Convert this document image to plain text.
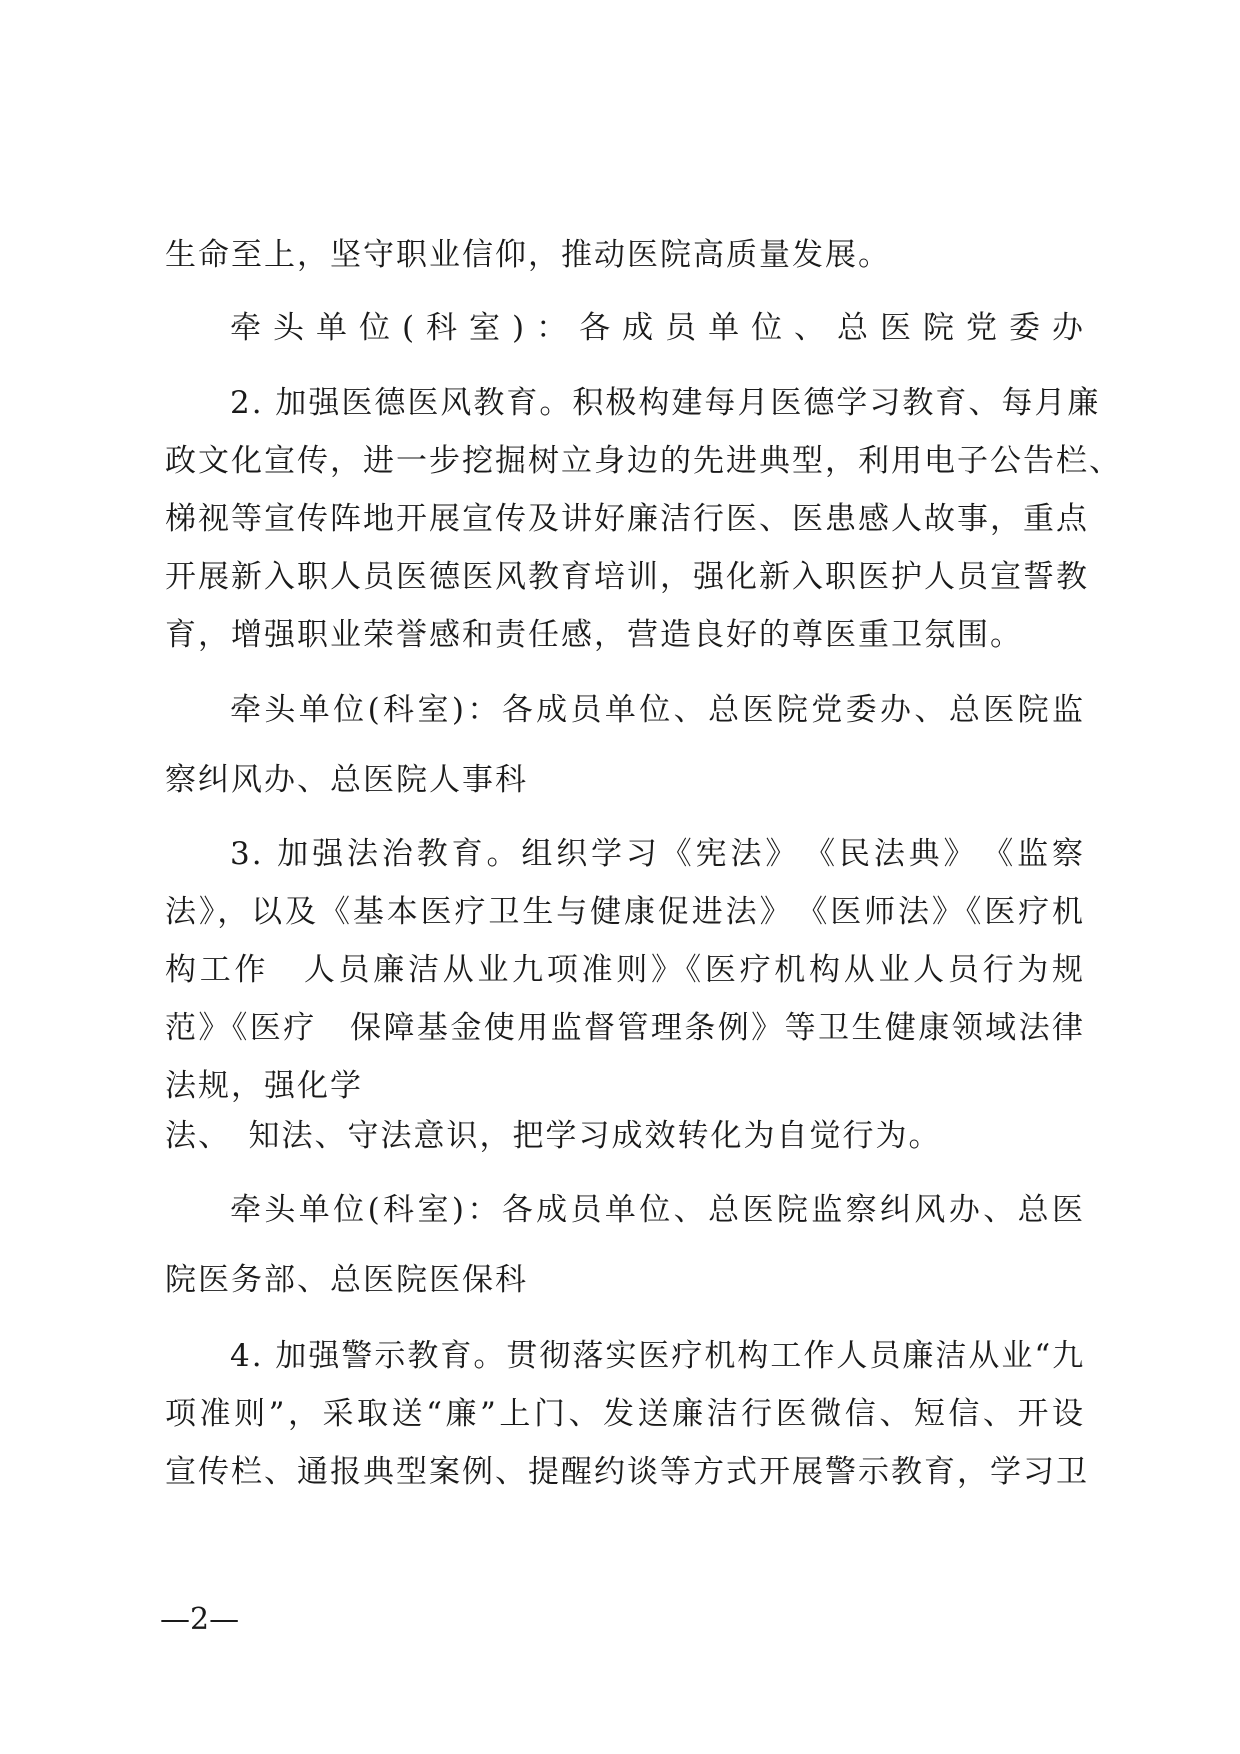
生命至上，坚守职业信仰，推动医院高质量发展。
牵头单位(科室)：各成员单位、总医院党委办
2. 加强医德医风教育。积极构建每月医德学习教育、每月廉
政文化宣传，进一步挖掘树立身边的先进典型，利用电子公告栏、
梯视等宣传阵地开展宣传及讲好廉洁行医、医患感人故事，重点
开展新入职人员医德医风教育培训，强化新入职医护人员宣誓教
育，增强职业荣誉感和责任感，营造良好的尊医重卫氛围。
牵头单位(科室)：各成员单位、总医院党委办、总医院监
察纠风办、总医院人事科
3. 加强法治教育。组织学习《宪法》　《民法典》　《监察
法》，以及《基本医疗卫生与健康促进法》　《医师法》《医疗机
构工作　人员廉洁从业九项准则》《医疗机构从业人员行为规
范》《医疗　保障基金使用监督管理条例》等卫生健康领域法律
法规，强化学
法、　知法、守法意识，把学习成效转化为自觉行为。
牵头单位(科室)：各成员单位、总医院监察纠风办、总医
院医务部、总医院医保科
4. 加强警示教育。贯彻落实医疗机构工作人员廉洁从业“九
项准则”，采取送“廉”上门、发送廉洁行医微信、短信、开设
宣传栏、通报典型案例、提醒约谈等方式开展警示教育，学习卫
—2—
